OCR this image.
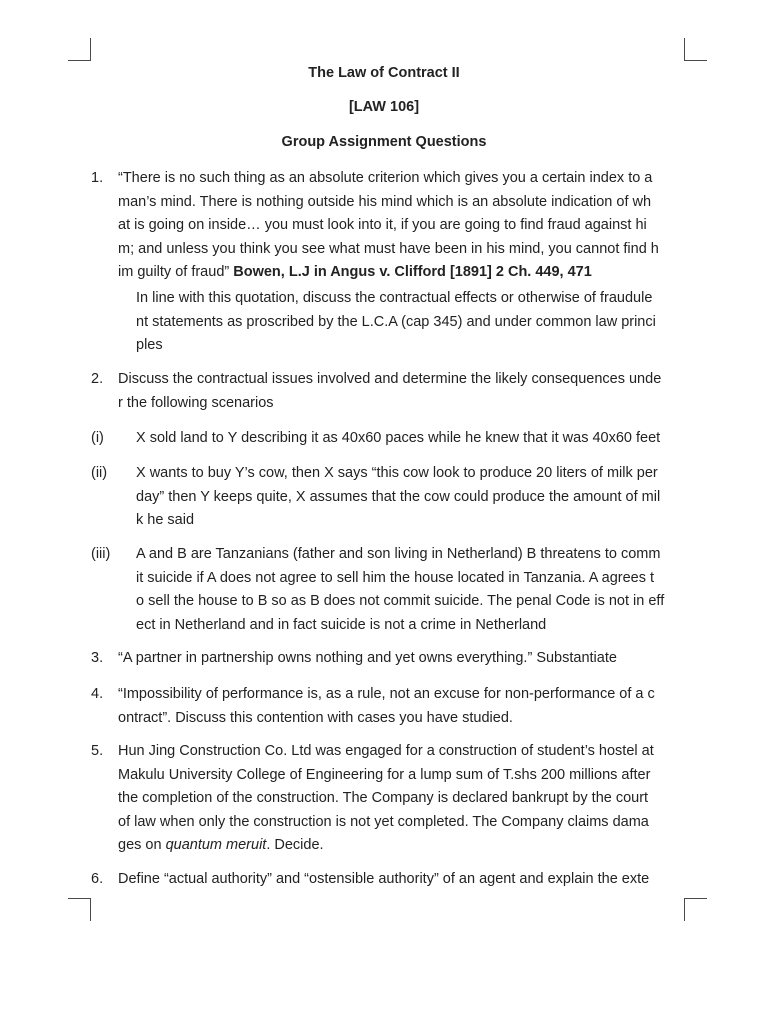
The Law of Contract II
[LAW 106]
Group Assignment Questions
1. “There is no such thing as an absolute criterion which gives you a certain index to a
man’s mind. There is nothing outside his mind which is an absolute indication of wh
at is going on inside… you must look into it, if you are going to find fraud against hi
m; and unless you think you see what must have been in his mind, you cannot find h
im guilty of fraud” Bowen, L.J in Angus v. Clifford [1891] 2 Ch. 449, 471
In line with this quotation, discuss the contractual effects or otherwise of fraudule
nt statements as proscribed by the L.C.A (cap 345) and under common law princi
ples
2. Discuss the contractual issues involved and determine the likely consequences unde
r the following scenarios
(i) X sold land to Y describing it as 40x60 paces while he knew that it was 40x60 feet
(ii) X wants to buy Y’s cow, then X says “this cow look to produce 20 liters of milk per
day” then Y keeps quite, X assumes that the cow could produce the amount of mil
k he said
(iii) A and B are Tanzanians (father and son living in Netherland) B threatens to comm
it suicide if A does not agree to sell him the house located in Tanzania. A agrees t
o sell the house to B so as B does not commit suicide. The penal Code is not in eff
ect in Netherland and in fact suicide is not a crime in Netherland
3. “A partner in partnership owns nothing and yet owns everything.” Substantiate
4. “Impossibility of performance is, as a rule, not an excuse for non-performance of a c
ontract”. Discuss this contention with cases you have studied.
5. Hun Jing Construction Co. Ltd was engaged for a construction of student’s hostel at
Makulu University College of Engineering for a lump sum of T.shs 200 millions after
the completion of the construction. The Company is declared bankrupt by the court
of law when only the construction is not yet completed. The Company claims dama
ges on quantum meruit. Decide.
6. Define “actual authority” and “ostensible authority” of an agent and explain the exte
